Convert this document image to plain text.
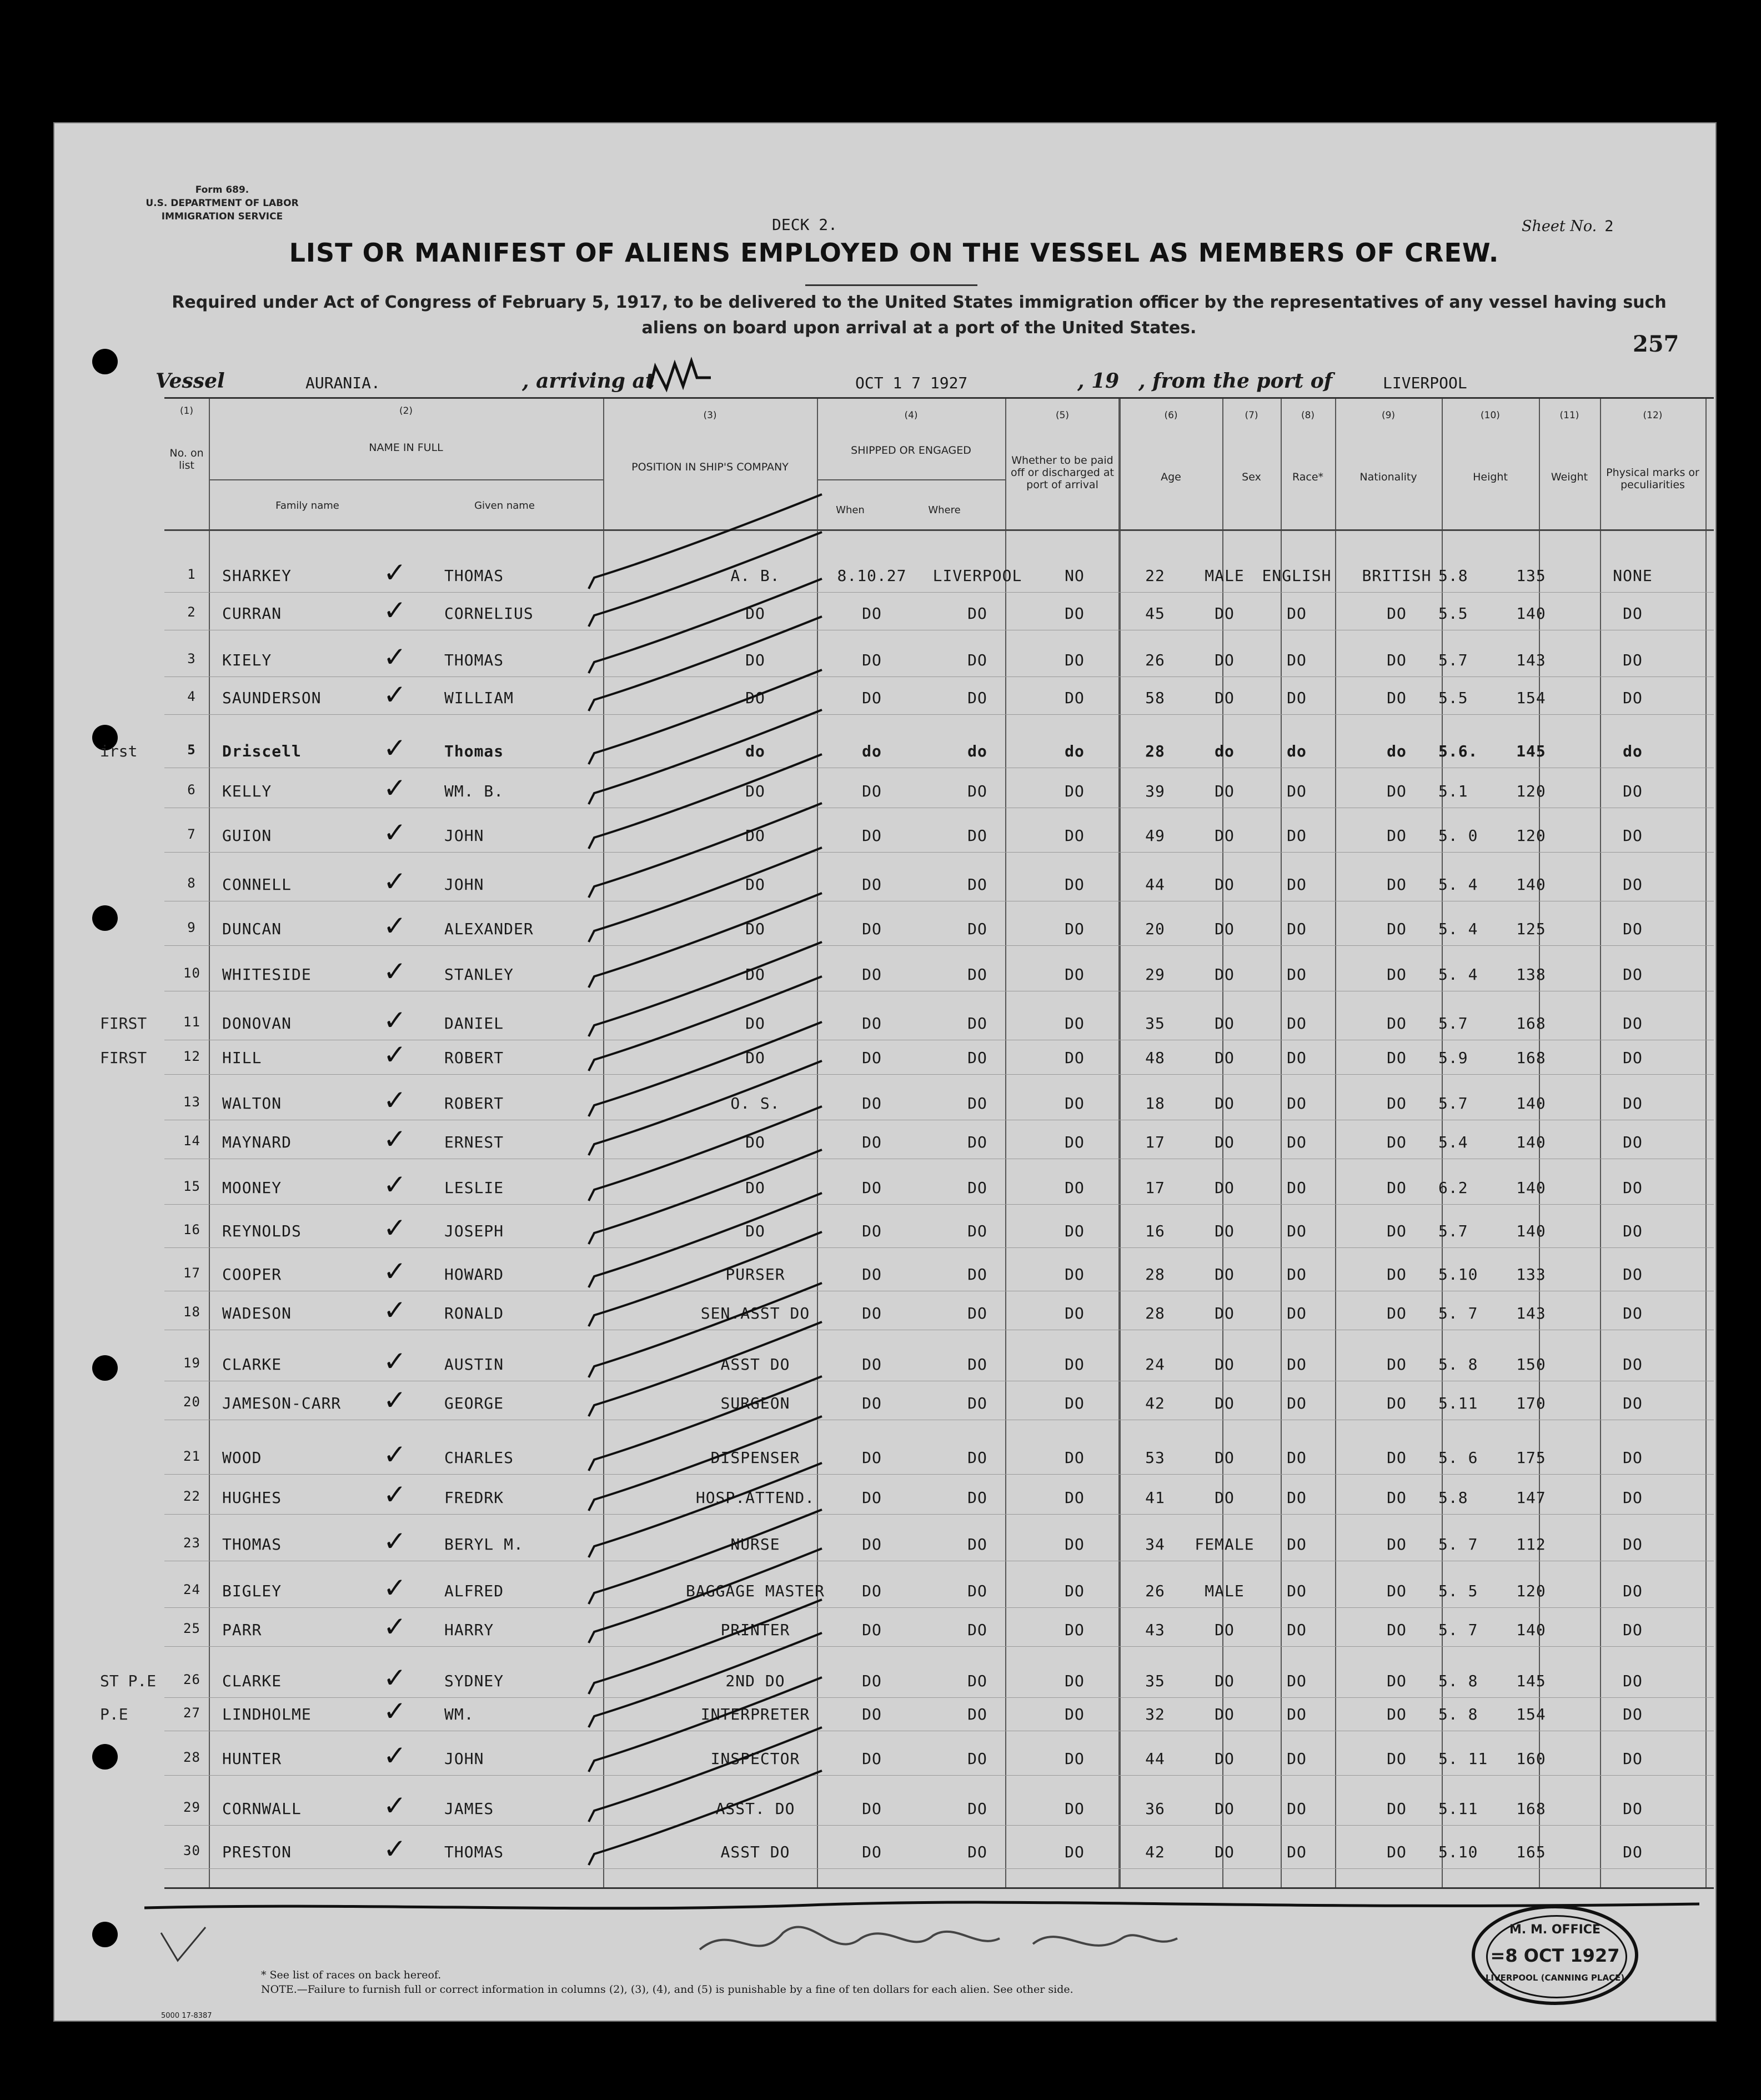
Form 689.
U.S. DEPARTMENT OF LABOR
IMMIGRATION SERVICE	DECK 2.	Sheet No. 2
LIST OR MANIFEST OF ALIENS EMPLOYED ON THE VESSEL AS MEMBERS OF CREW.
Required under Act of Congress of February 5, 1917, to be delivered to the United States immigration officer by the representatives of any vessel having such
aliens on board upon arrival at a port of the United States.
257
Vessel	AURANIA.	, arriving at	OCT 1 7 1927	, 19 , from the port of	LIVERPOOL
(1)
No. on list
(2)
NAME IN FULL
(3)
POSITION IN SHIP'S COMPANY
(4)
SHIPPED OR ENGAGED
(5)
Whether to be paid off or discharged at port of arrival
(6)
Age
(7)
Sex
(8)
Race*
(9)
Nationality
(10)
Height
(11)
Weight
(12)
Physical marks or peculiarities
Family name	Given name	When	Where
1 SHARKEY	THOMAS	A. B.	8.10.27	LIVERPOOL	NO	22	MALE	ENGLISH	BRITISH 5.8	135	NONE
✓
2 CURRAN	CORNELIUS	DO	DO	DO	DO	45	DO	DO	DO	5.5	140	DO
✓
3 KIELY	THOMAS	DO	DO	DO	DO	26	DO	DO	DO	5.7	143	DO
✓
4 SAUNDERSON	WILLIAM	DO	DO	DO	DO	58	DO	DO	DO	5.5	154	DO
✓
5 Driscell	Thomas	do	do	do	do	28	do	do	do	5.6.	145	do
✓
6 KELLY	WM. B.	DO	DO	DO	DO	39	DO	DO	DO	5.1	120	DO
✓
7 GUION	JOHN	DO	DO	DO	DO	49	DO	DO	DO	5. 0	120	DO
✓
8 CONNELL	JOHN	DO	DO	DO	DO	44	DO	DO	DO	5. 4	140	DO
✓
9 DUNCAN	ALEXANDER	DO	DO	DO	DO	20	DO	DO	DO	5. 4	125	DO
✓
10 WHITESIDE	STANLEY	DO	DO	DO	DO	29	DO	DO	DO	5. 4	138	DO
✓
11 DONOVAN	DANIEL	DO	DO	DO	DO	35	DO	DO	DO	5.7	168	DO
✓
12 HILL	ROBERT	DO	DO	DO	DO	48	DO	DO	DO	5.9	168	DO
✓
13 WALTON	ROBERT	O. S.	DO	DO	DO	18	DO	DO	DO	5.7	140	DO
✓
14 MAYNARD	ERNEST	DO	DO	DO	DO	17	DO	DO	DO	5.4	140	DO
✓
15 MOONEY	LESLIE	DO	DO	DO	DO	17	DO	DO	DO	6.2	140	DO
✓
16 REYNOLDS	JOSEPH	DO	DO	DO	DO	16	DO	DO	DO	5.7	140	DO
✓
17 COOPER	HOWARD	PURSER	DO	DO	DO	28	DO	DO	DO	5.10	133	DO
✓
18 WADESON	RONALD	SEN.ASST DO	DO	DO	DO	28	DO	DO	DO	5. 7	143	DO
✓
19 CLARKE	AUSTIN	ASST DO	DO	DO	DO	24	DO	DO	DO	5. 8	150	DO
✓
20 JAMESON-CARR	GEORGE	SURGEON	DO	DO	DO	42	DO	DO	DO	5.11	170	DO
✓
21 WOOD	CHARLES	DISPENSER	DO	DO	DO	53	DO	DO	DO	5. 6	175	DO
✓
22 HUGHES	FREDRK	HOSP.ATTEND.	DO	DO	DO	41	DO	DO	DO	5.8	147	DO
✓
23 THOMAS	BERYL M.	NURSE	DO	DO	DO	34	FEMALE	DO	DO	5. 7	112	DO
✓
24 BIGLEY	ALFRED	BAGGAGE MASTER	DO	DO	DO	26	MALE	DO	DO	5. 5	120	DO
✓
25 PARR	HARRY	PRINTER	DO	DO	DO	43	DO	DO	DO	5. 7	140	DO
✓
26 CLARKE	SYDNEY	2ND DO	DO	DO	DO	35	DO	DO	DO	5. 8	145	DO
✓
27 LINDHOLME	WM.	INTERPRETER	DO	DO	DO	32	DO	DO	DO	5. 8	154	DO
✓
28 HUNTER	JOHN	INSPECTOR	DO	DO	DO	44	DO	DO	DO	5. 11	160	DO
✓
29 CORNWALL	JAMES	ASST. DO	DO	DO	DO	36	DO	DO	DO	5.11	168	DO
✓
30 PRESTON	THOMAS	ASST DO	DO	DO	DO	42	DO	DO	DO	5.10	165	DO
✓
irst
FIRST
FIRST
ST P.E
P.E
* See list of races on back hereof.
NOTE.—Failure to furnish full or correct information in columns (2), (3), (4), and (5) is punishable by a fine of ten dollars for each alien. See other side.
5000 17-8387
M. M. OFFICE
=8 OCT 1927
LIVERPOOL (CANNING PLACE)
